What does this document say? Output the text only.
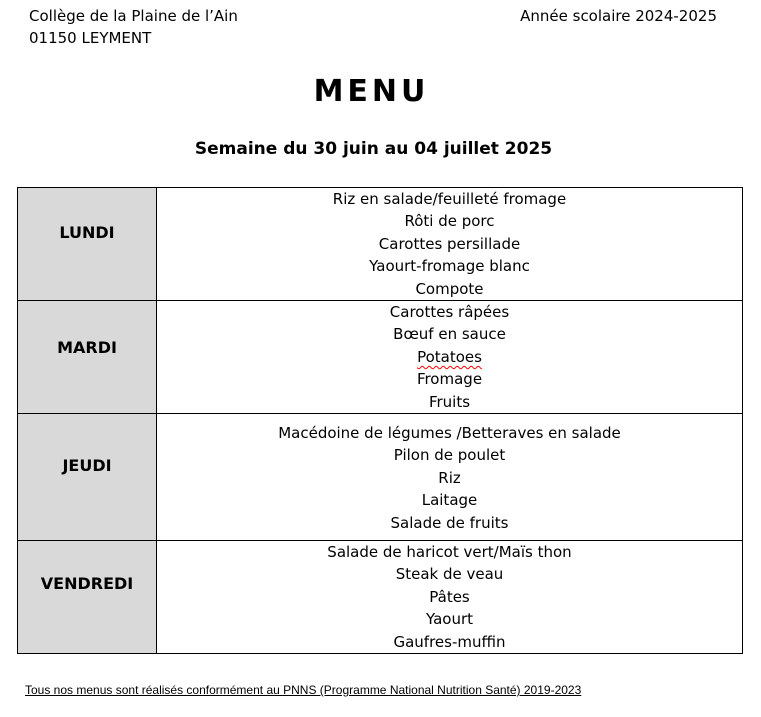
Collège de la Plaine de l’Ain
01150 LEYMENT
Année scolaire 2024-2025
MENU
Semaine du 30 juin au 04 juillet 2025
LUNDI	Riz en salade/feuilleté fromage
Rôti de porc
Carottes persillade
Yaourt-fromage blanc
Compote

MARDI	Carottes râpées
Bœuf en sauce
Potatoes
Fromage
Fruits

JEUDI	Macédoine de légumes /Betteraves en salade
Pilon de poulet
Riz
Laitage
Salade de fruits

VENDREDI	Salade de haricot vert/Maïs thon
Steak de veau
Pâtes
Yaourt
Gaufres-muffin
Tous nos menus sont réalisés conformément au PNNS (Programme National Nutrition Santé) 2019-2023
